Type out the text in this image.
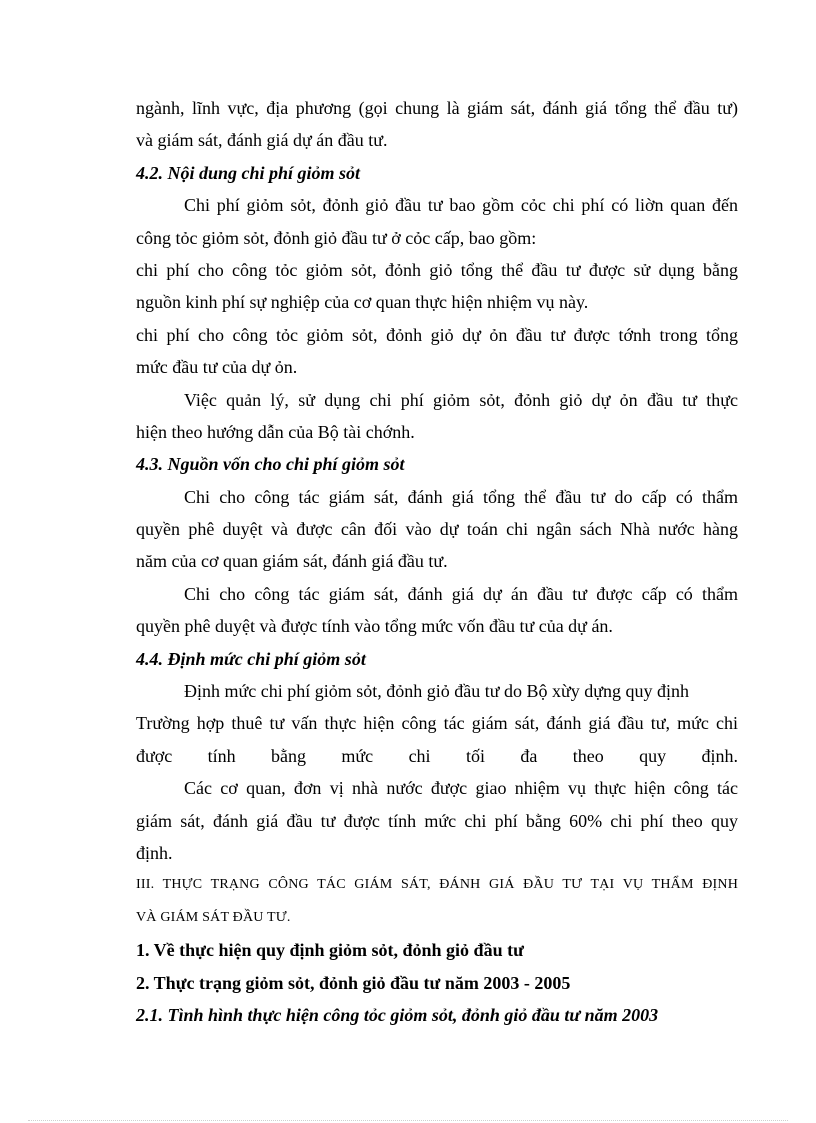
ngành, lĩnh vực, địa phương (gọi chung là giám sát, đánh giá tổng thể đầu tư)

và giám sát, đánh giá dự án đầu tư.

4.2. Nội dung chi phí giỏm sỏt

Chi phí giỏm sỏt, đỏnh giỏ đầu tư bao gồm cỏc chi phí có liờn quan đến

công tỏc giỏm sỏt, đỏnh giỏ đầu tư ở cỏc cấp, bao gồm:

chi phí cho công tỏc giỏm sỏt, đỏnh giỏ tổng thể đầu tư được sử dụng bằng

nguồn kinh phí sự nghiệp của cơ quan thực hiện nhiệm vụ này.

chi phí cho công tỏc giỏm sỏt, đỏnh giỏ dự ỏn đầu tư được tớnh trong tổng

mức đầu tư của dự ỏn.

Việc quản lý, sử dụng chi phí giỏm sỏt, đỏnh giỏ dự ỏn đầu tư thực

hiện theo hướng dẫn của Bộ tài chớnh.

4.3. Nguồn vốn cho chi phí giỏm sỏt

Chi cho công tác giám sát, đánh giá tổng thể đầu tư do cấp có thẩm

quyền phê duyệt và được cân đối vào dự toán chi ngân sách Nhà nước hàng

năm của cơ quan giám sát, đánh giá đầu tư.

Chi cho công tác giám sát, đánh giá dự án đầu tư được cấp có thẩm

quyền phê duyệt và được tính vào tổng mức vốn đầu tư của dự án.

4.4. Định mức chi phí giỏm sỏt

Định mức chi phí giỏm sỏt, đỏnh giỏ đầu tư do Bộ xừy dựng quy định

Trường hợp thuê tư vấn thực hiện công tác giám sát, đánh giá đầu tư, mức chi

được tính bằng mức chi tối đa theo quy định.

Các cơ quan, đơn vị nhà nước được giao nhiệm vụ thực hiện công tác

giám sát, đánh giá đầu tư được tính mức chi phí bằng 60% chi phí theo quy

định.

III. THỰC TRẠNG CÔNG TÁC GIÁM SÁT, ĐÁNH GIÁ ĐẦU TƯ TẠI VỤ THẨM ĐỊNH

VÀ GIÁM SÁT ĐẦU TƯ.

1. Về thực hiện quy định giỏm sỏt, đỏnh giỏ đầu tư

2. Thực trạng giỏm sỏt, đỏnh giỏ đầu tư năm 2003 - 2005

2.1. Tình hình thực hiện công tỏc giỏm sỏt, đỏnh giỏ đầu tư năm 2003
